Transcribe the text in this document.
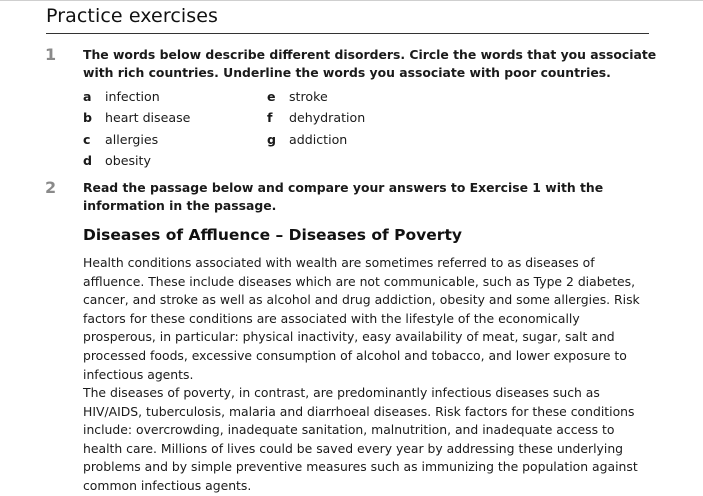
Practice exercises
1 The words below describe different disorders. Circle the words that you associate with rich countries. Underline the words you associate with poor countries.
a infection
b heart disease
c allergies
d obesity
e stroke
f dehydration
g addiction
2 Read the passage below and compare your answers to Exercise 1 with the information in the passage.
Diseases of Affluence – Diseases of Poverty

Health conditions associated with wealth are sometimes referred to as diseases of affluence. These include diseases which are not communicable, such as Type 2 diabetes, cancer, and stroke as well as alcohol and drug addiction, obesity and some allergies. Risk factors for these conditions are associated with the lifestyle of the economically prosperous, in particular: physical inactivity, easy availability of meat, sugar, salt and processed foods, excessive consumption of alcohol and tobacco, and lower exposure to infectious agents.

The diseases of poverty, in contrast, are predominantly infectious diseases such as HIV/AIDS, tuberculosis, malaria and diarrhoeal diseases. Risk factors for these conditions include: overcrowding, inadequate sanitation, malnutrition, and inadequate access to health care. Millions of lives could be saved every year by addressing these underlying problems and by simple preventive measures such as immunizing the population against common infectious agents.
